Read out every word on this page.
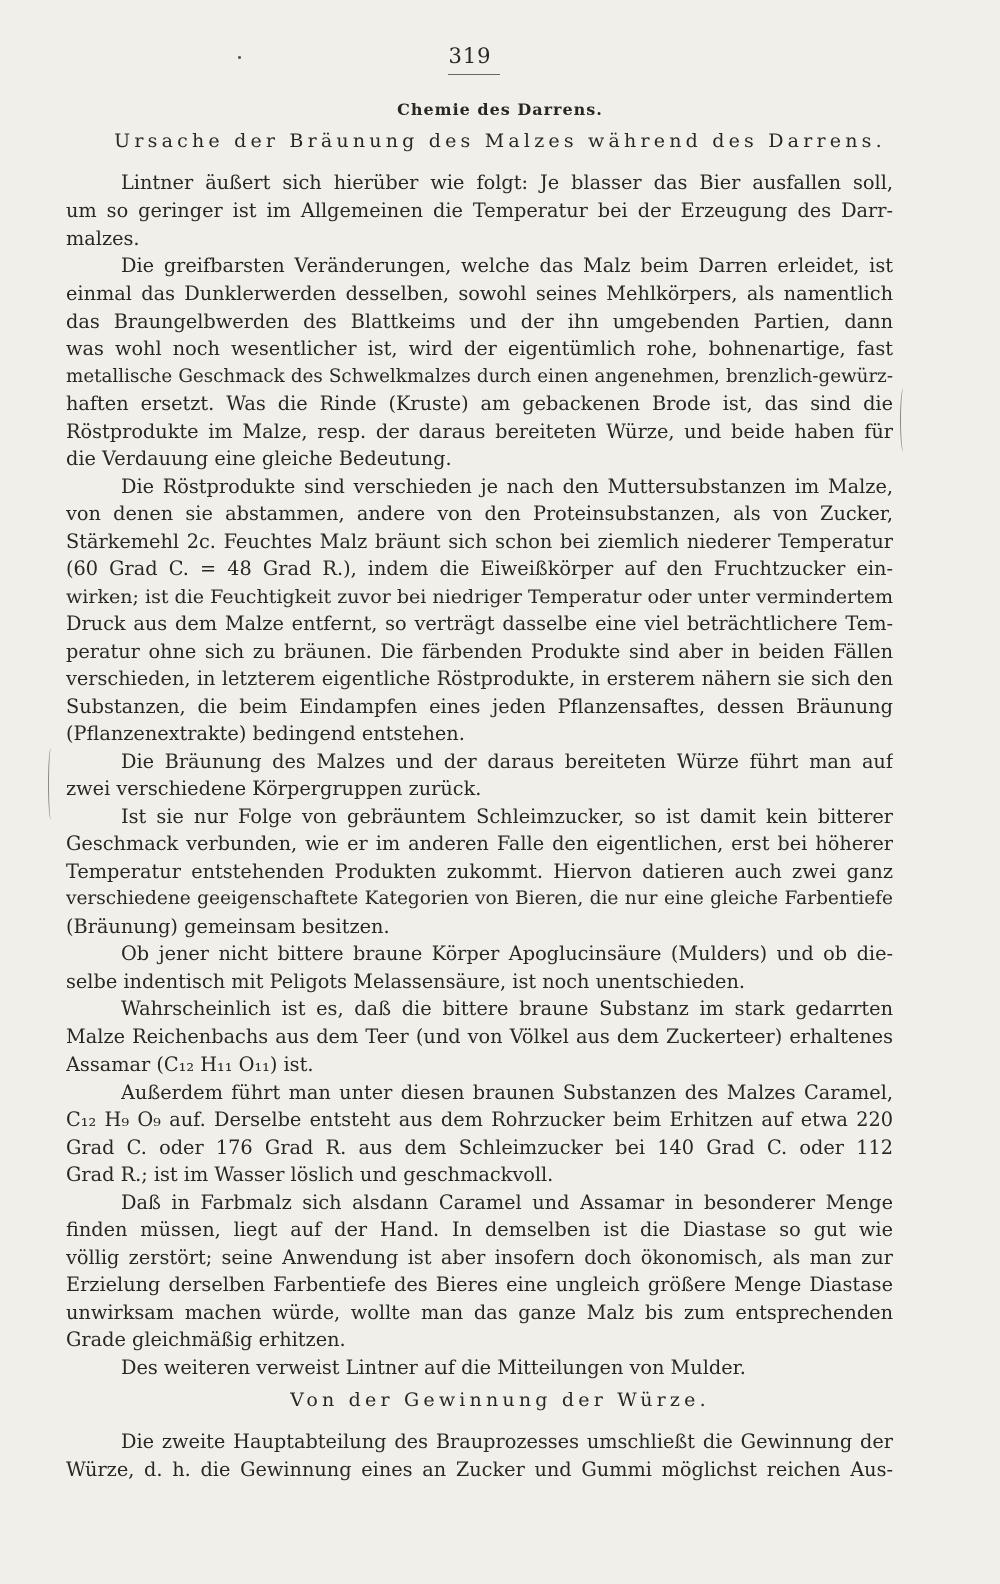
319
Chemie des Darrens.
Ursache der Bräunung des Malzes während des Darrens.
Lintner äußert sich hierüber wie folgt: Je blasser das Bier ausfallen soll,
um so geringer ist im Allgemeinen die Temperatur bei der Erzeugung des Darr-
malzes.
Die greifbarsten Veränderungen, welche das Malz beim Darren erleidet, ist
einmal das Dunklerwerden desselben, sowohl seines Mehlkörpers, als namentlich
das Braungelbwerden des Blattkeims und der ihn umgebenden Partien, dann
was wohl noch wesentlicher ist, wird der eigentümlich rohe, bohnenartige, fast
metallische Geschmack des Schwelkmalzes durch einen angenehmen, brenzlich-gewürz-
haften ersetzt. Was die Rinde (Kruste) am gebackenen Brode ist, das sind die
Röstprodukte im Malze, resp. der daraus bereiteten Würze, und beide haben für
die Verdauung eine gleiche Bedeutung.
Die Röstprodukte sind verschieden je nach den Muttersubstanzen im Malze,
von denen sie abstammen, andere von den Proteinsubstanzen, als von Zucker,
Stärkemehl 2c. Feuchtes Malz bräunt sich schon bei ziemlich niederer Temperatur
(60 Grad C. = 48 Grad R.), indem die Eiweißkörper auf den Fruchtzucker ein-
wirken; ist die Feuchtigkeit zuvor bei niedriger Temperatur oder unter vermindertem
Druck aus dem Malze entfernt, so verträgt dasselbe eine viel beträchtlichere Tem-
peratur ohne sich zu bräunen. Die färbenden Produkte sind aber in beiden Fällen
verschieden, in letzterem eigentliche Röstprodukte, in ersterem nähern sie sich den
Substanzen, die beim Eindampfen eines jeden Pflanzensaftes, dessen Bräunung
(Pflanzenextrakte) bedingend entstehen.
Die Bräunung des Malzes und der daraus bereiteten Würze führt man auf
zwei verschiedene Körpergruppen zurück.
Ist sie nur Folge von gebräuntem Schleimzucker, so ist damit kein bitterer
Geschmack verbunden, wie er im anderen Falle den eigentlichen, erst bei höherer
Temperatur entstehenden Produkten zukommt. Hiervon datieren auch zwei ganz
verschiedene geeigenschaftete Kategorien von Bieren, die nur eine gleiche Farbentiefe
(Bräunung) gemeinsam besitzen.
Ob jener nicht bittere braune Körper Apoglucinsäure (Mulders) und ob die-
selbe indentisch mit Peligots Melassensäure, ist noch unentschieden.
Wahrscheinlich ist es, daß die bittere braune Substanz im stark gedarrten
Malze Reichenbachs aus dem Teer (und von Völkel aus dem Zuckerteer) erhaltenes
Assamar (C₁₂ H₁₁ O₁₁) ist.
Außerdem führt man unter diesen braunen Substanzen des Malzes Caramel,
C₁₂ H₉ O₉ auf. Derselbe entsteht aus dem Rohrzucker beim Erhitzen auf etwa 220
Grad C. oder 176 Grad R. aus dem Schleimzucker bei 140 Grad C. oder 112
Grad R.; ist im Wasser löslich und geschmackvoll.
Daß in Farbmalz sich alsdann Caramel und Assamar in besonderer Menge
finden müssen, liegt auf der Hand. In demselben ist die Diastase so gut wie
völlig zerstört; seine Anwendung ist aber insofern doch ökonomisch, als man zur
Erzielung derselben Farbentiefe des Bieres eine ungleich größere Menge Diastase
unwirksam machen würde, wollte man das ganze Malz bis zum entsprechenden
Grade gleichmäßig erhitzen.
Des weiteren verweist Lintner auf die Mitteilungen von Mulder.
Von der Gewinnung der Würze.
Die zweite Hauptabteilung des Brauprozesses umschließt die Gewinnung der
Würze, d. h. die Gewinnung eines an Zucker und Gummi möglichst reichen Aus-
